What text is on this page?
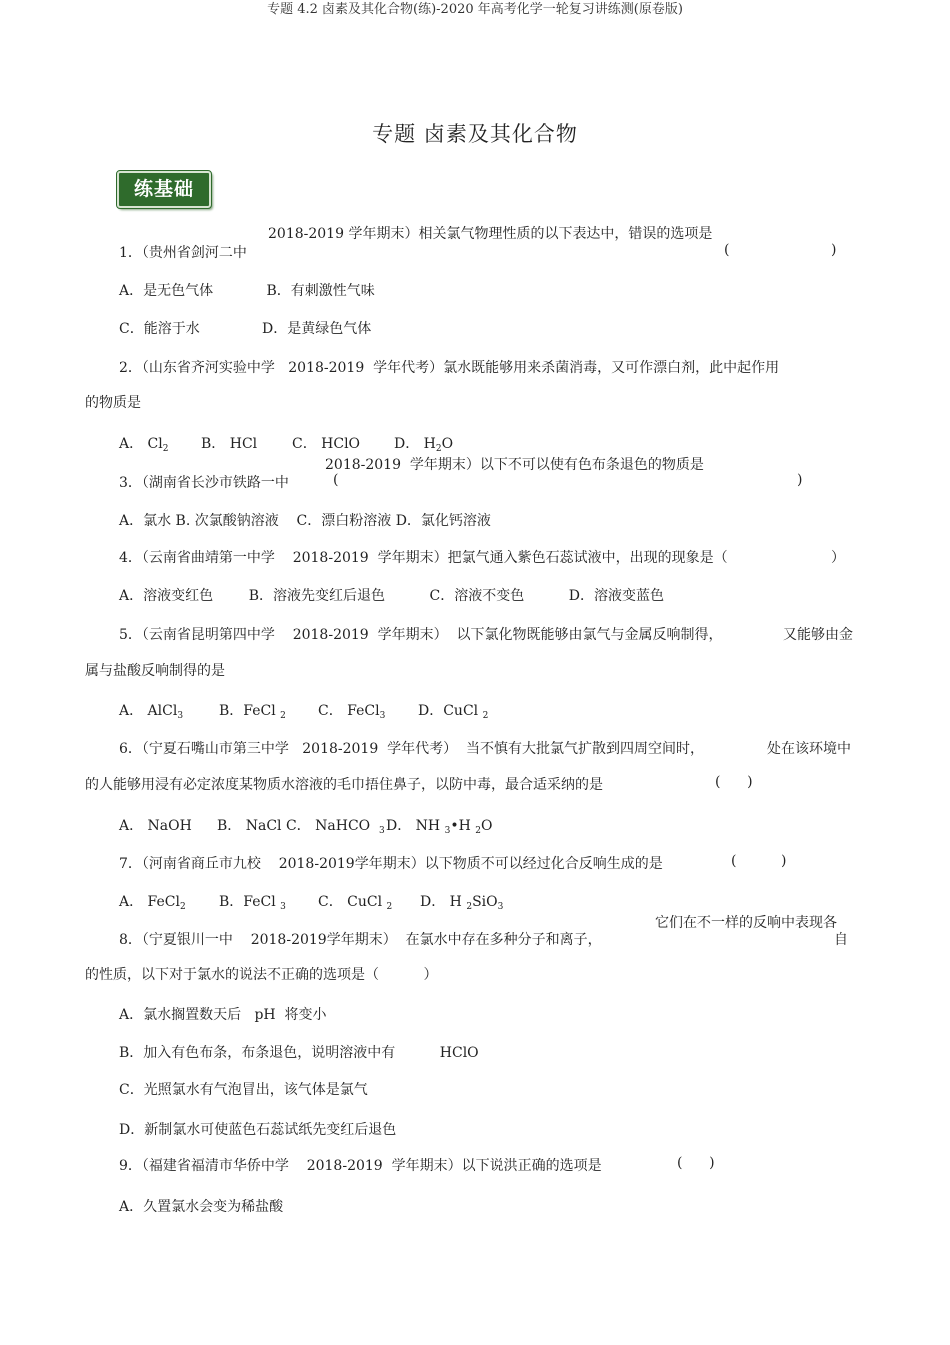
专题 4.2 卤素及其化合物(练)-2020 年高考化学一轮复习讲练测(原卷版)
专题 卤素及其化合物
练基础
2018-2019 学年期末）相关氯气物理性质的以下表达中，错误的选项是
1．（贵州省剑河二中	(	)
A．是无色气体            B．有刺激性气味
C．能溶于水              D．是黄绿色气体
2．（山东省齐河实验中学   2018-2019  学年代考）氯水既能够用来杀菌消毒，又可作漂白剂，此中起作用
的物质是
A． $Cl_2$ B． HCl C． HClO D． $H_2O$
2018-2019  学年期末）以下不可以使有色布条退色的物质是
3．（湖南省长沙市铁路一中	(	)
A．氯水 B. 次氯酸钠溶液    C．漂白粉溶液 D．氯化钙溶液
4．（云南省曲靖第一中学    2018-2019  学年期末）把氯气通入紫色石蕊试液中，出现的现象是（	）
A．溶液变红色        B．溶液先变红后退色          C．溶液不变色          D．溶液变蓝色
5．（云南省昆明第四中学    2018-2019  学年期末）  以下氯化物既能够由氯气与金属反响制得，	又能够由金
属与盐酸反响制得的是
A． AlCl$_3$	B．FeCl $_2$ C． FeCl$_3$ D．CuCl $_2$
6．（宁夏石嘴山市第三中学   2018-2019  学年代考）  当不慎有大批氯气扩散到四周空间时，	处在该环境中
的人能够用浸有必定浓度某物质水溶液的毛巾捂住鼻子，以防中毒，最合适采纳的是	(      )
A． NaOH B． NaCl C． NaHCO $_3$ D． NH $_3$•H $_2$O
7．（河南省商丘市九校    2018-2019学年期末）以下物质不可以经过化合反响生成的是	(          )
A． FeCl$_2$ B．FeCl $_3$ C． CuCl $_2$ D． H $_2$SiO$_3$
它们在不一样的反响中表现各
8．（宁夏银川一中    2018-2019学年期末）  在氯水中存在多种分子和离子，	自
的性质，以下对于氯水的说法不正确的选项是（          ）
A．氯水搁置数天后   pH  将变小
B．加入有色布条，布条退色，说明溶液中有          HClO
C．光照氯水有气泡冒出，该气体是氯气
D．新制氯水可使蓝色石蕊试纸先变红后退色
9．（福建省福清市华侨中学    2018-2019  学年期末）以下说洪正确的选项是	(      )
A．久置氯水会变为稀盐酸
